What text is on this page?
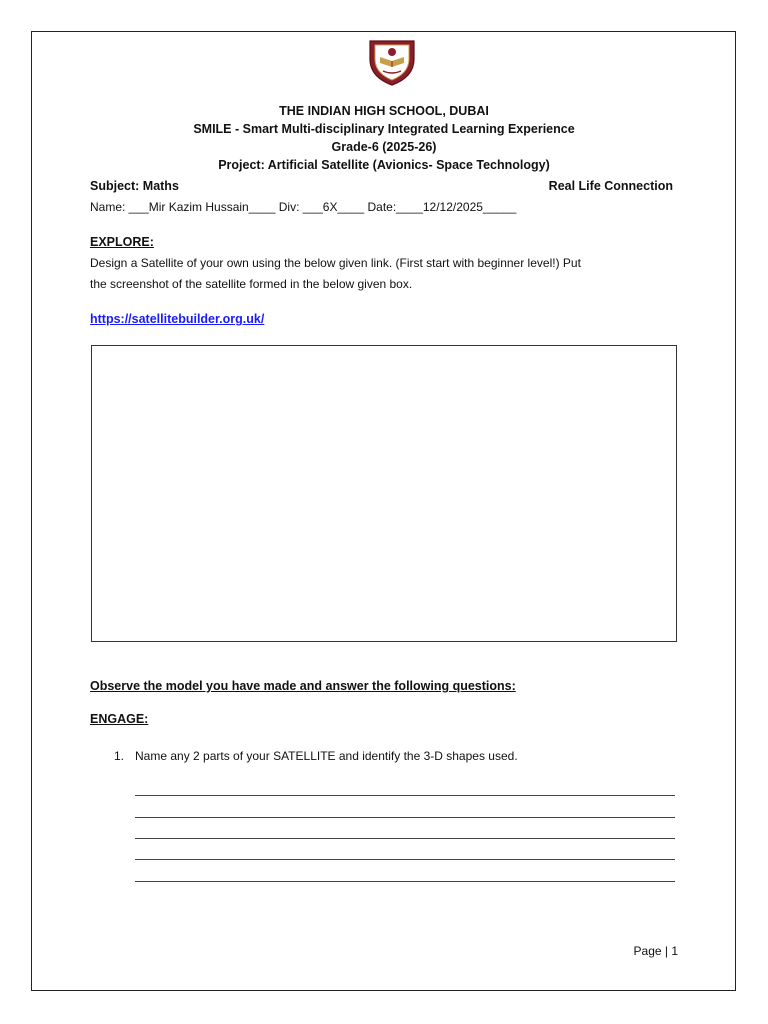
THE INDIAN HIGH SCHOOL, DUBAI
SMILE - Smart Multi-disciplinary Integrated Learning Experience
Grade-6 (2025-26)
Project: Artificial Satellite (Avionics- Space Technology)
Subject: Maths	Real Life Connection
Name: ___Mir Kazim Hussain____ Div: ___6X____ Date:____12/12/2025_____
EXPLORE:
Design a Satellite of your own using the below given link. (First start with beginner level!) Put
the screenshot of the satellite formed in the below given box.
https://satellitebuilder.org.uk/
Observe the model you have made and answer the following questions:
ENGAGE:
1. Name any 2 parts of your SATELLITE and identify the 3-D shapes used.
Page | 1
